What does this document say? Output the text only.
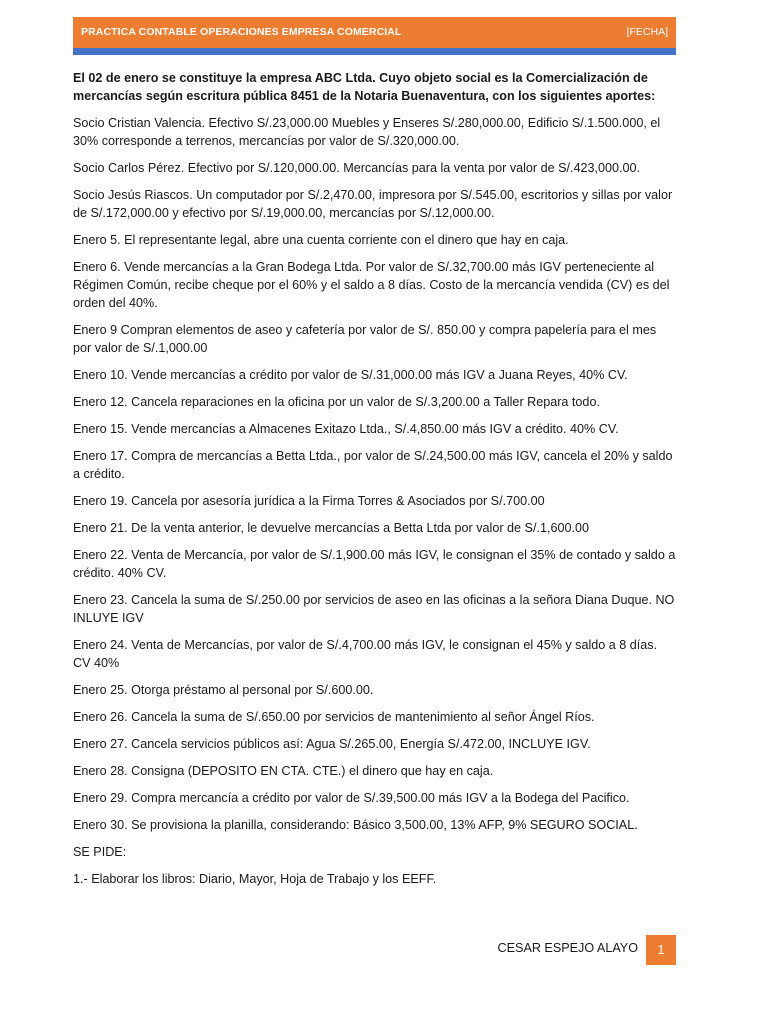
PRACTICA CONTABLE OPERACIONES EMPRESA COMERCIAL	[FECHA]

El 02 de enero se constituye la empresa ABC Ltda. Cuyo objeto social es la Comercialización de mercancías según escritura pública 8451 de la Notaria Buenaventura, con los siguientes aportes:

Socio Cristian Valencia. Efectivo S/.23,000.00 Muebles y Enseres S/.280,000.00, Edificio S/.1.500.000, el 30% corresponde a terrenos, mercancías por valor de S/.320,000.00.

Socio Carlos Pérez. Efectivo por S/.120,000.00. Mercancías para la venta por valor de S/.423,000.00.

Socio Jesús Riascos. Un computador por S/.2,470.00, impresora por S/.545.00, escritorios y sillas por valor de S/.172,000.00 y efectivo por S/.19,000.00, mercancías por S/.12,000.00.

Enero 5. El representante legal, abre una cuenta corriente con el dinero que hay en caja.

Enero 6. Vende mercancías a la Gran Bodega Ltda. Por valor de S/.32,700.00 más IGV perteneciente al Régimen Común, recibe cheque por el 60% y el saldo a 8 días. Costo de la mercancía vendida (CV) es del orden del 40%.

Enero 9 Compran elementos de aseo y cafetería por valor de S/. 850.00 y compra papelería para el mes por valor de S/.1,000.00

Enero 10. Vende mercancías a crédito por valor de S/.31,000.00 más IGV a Juana Reyes, 40% CV.

Enero 12. Cancela reparaciones en la oficina por un valor de S/.3,200.00 a Taller Repara todo.

Enero 15. Vende mercancías a Almacenes Exitazo Ltda., S/.4,850.00 más IGV a crédito. 40% CV.

Enero 17. Compra de mercancías a Betta Ltda., por valor de S/.24,500.00 más IGV, cancela el 20% y saldo a crédito.

Enero 19. Cancela por asesoría jurídica a la Firma Torres & Asociados por S/.700.00

Enero 21. De la venta anterior, le devuelve mercancías a Betta Ltda por valor de S/.1,600.00

Enero 22. Venta de Mercancía, por valor de S/.1,900.00 más IGV, le consignan el 35% de contado y saldo a crédito. 40% CV.

Enero 23. Cancela la suma de S/.250.00 por servicios de aseo en las oficinas a la señora Diana Duque. NO INLUYE IGV

Enero 24. Venta de Mercancías, por valor de S/.4,700.00 más IGV, le consignan el 45% y saldo a 8 días. CV 40%

Enero 25. Otorga préstamo al personal por S/.600.00.

Enero 26. Cancela la suma de S/.650.00 por servicios de mantenimiento al señor Ángel Ríos.

Enero 27. Cancela servicios públicos así: Agua S/.265.00, Energía S/.472.00, INCLUYE IGV.

Enero 28. Consigna (DEPOSITO EN CTA. CTE.) el dinero que hay en caja.

Enero 29. Compra mercancía a crédito por valor de S/.39,500.00 más IGV a la Bodega del Pacifico.

Enero 30. Se provisiona la planilla, considerando: Básico 3,500.00, 13% AFP, 9% SEGURO SOCIAL.

SE PIDE:

1.- Elaborar los libros: Diario, Mayor, Hoja de Trabajo y los EEFF.

CESAR ESPEJO ALAYO	1
